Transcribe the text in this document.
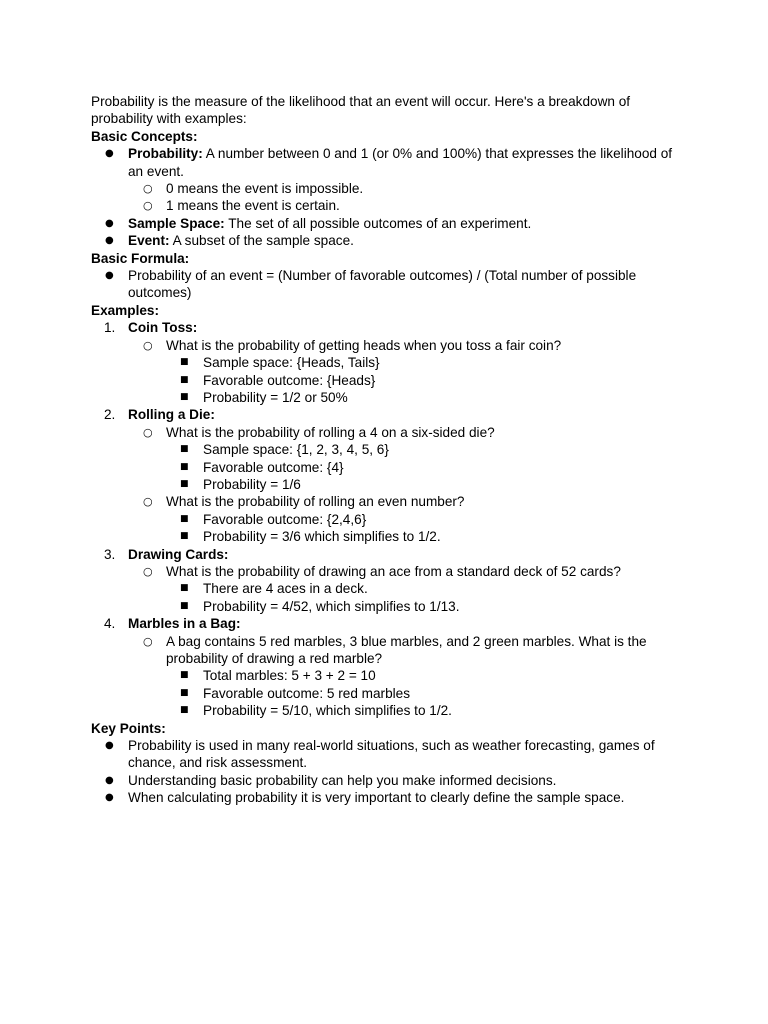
Probability is the measure of the likelihood that an event will occur. Here's a breakdown of probability with examples:

Basic Concepts:

● Probability: A number between 0 and 1 (or 0% and 100%) that expresses the likelihood of an event.
○ 0 means the event is impossible.
○ 1 means the event is certain.
● Sample Space: The set of all possible outcomes of an experiment.
● Event: A subset of the sample space.

Basic Formula:

● Probability of an event = (Number of favorable outcomes) / (Total number of possible outcomes)

Examples:

1. Coin Toss:
○ What is the probability of getting heads when you toss a fair coin?
■ Sample space: {Heads, Tails}
■ Favorable outcome: {Heads}
■ Probability = 1/2 or 50%
2. Rolling a Die:
○ What is the probability of rolling a 4 on a six-sided die?
■ Sample space: {1, 2, 3, 4, 5, 6}
■ Favorable outcome: {4}
■ Probability = 1/6
○ What is the probability of rolling an even number?
■ Favorable outcome: {2,4,6}
■ Probability = 3/6 which simplifies to 1/2.
3. Drawing Cards:
○ What is the probability of drawing an ace from a standard deck of 52 cards?
■ There are 4 aces in a deck.
■ Probability = 4/52, which simplifies to 1/13.
4. Marbles in a Bag:
○ A bag contains 5 red marbles, 3 blue marbles, and 2 green marbles. What is the probability of drawing a red marble?
■ Total marbles: 5 + 3 + 2 = 10
■ Favorable outcome: 5 red marbles
■ Probability = 5/10, which simplifies to 1/2.

Key Points:

● Probability is used in many real-world situations, such as weather forecasting, games of chance, and risk assessment.
● Understanding basic probability can help you make informed decisions.
● When calculating probability it is very important to clearly define the sample space.
